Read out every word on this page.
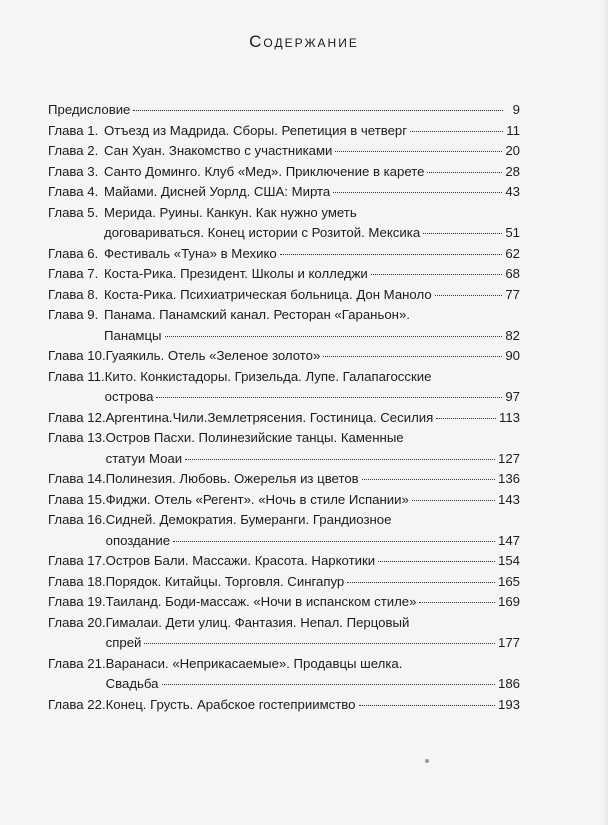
Содержание
Предисловие	9
Глава 1. Отъезд из Мадрида. Сборы. Репетиция в четверг	11
Глава 2. Сан Хуан. Знакомство с участниками	20
Глава 3. Санто Доминго. Клуб «Мед». Приключение в карете	28
Глава 4. Майами. Дисней Уорлд. США: Мирта	43
Глава 5. Мерида. Руины. Канкун. Как нужно уметь
договариваться. Конец истории с Розитой. Мексика	51
Глава 6. Фестиваль «Туна» в Мехико	62
Глава 7. Коста-Рика. Президент. Школы и колледжи	68
Глава 8. Коста-Рика. Психиатрическая больница. Дон Маноло	77
Глава 9. Панама. Панамский канал. Ресторан «Гараньон».
Панамцы	82
Глава 10. Гуаякиль. Отель «Зеленое золото»	90
Глава 11. Кито. Конкистадоры. Гризельда. Лупе. Галапагосские
острова	97
Глава 12. Аргентина.Чили.Землетрясения. Гостиница. Сесилия	113
Глава 13. Остров Пасхи. Полинезийские танцы. Каменные
статуи Моаи	127
Глава 14. Полинезия. Любовь. Ожерелья из цветов	136
Глава 15. Фиджи. Отель «Регент». «Ночь в стиле Испании»	143
Глава 16. Сидней. Демократия. Бумеранги. Грандиозное
опоздание	147
Глава 17. Остров Бали. Массажи. Красота. Наркотики	154
Глава 18. Порядок. Китайцы. Торговля. Сингапур	165
Глава 19. Таиланд. Боди-массаж. «Ночи в испанском стиле»	169
Глава 20. Гималаи. Дети улиц. Фантазия. Непал. Перцовый
спрей	177
Глава 21. Варанаси. «Неприкасаемые». Продавцы шелка.
Свадьба	186
Глава 22. Конец. Грусть. Арабское гостеприимство	193
